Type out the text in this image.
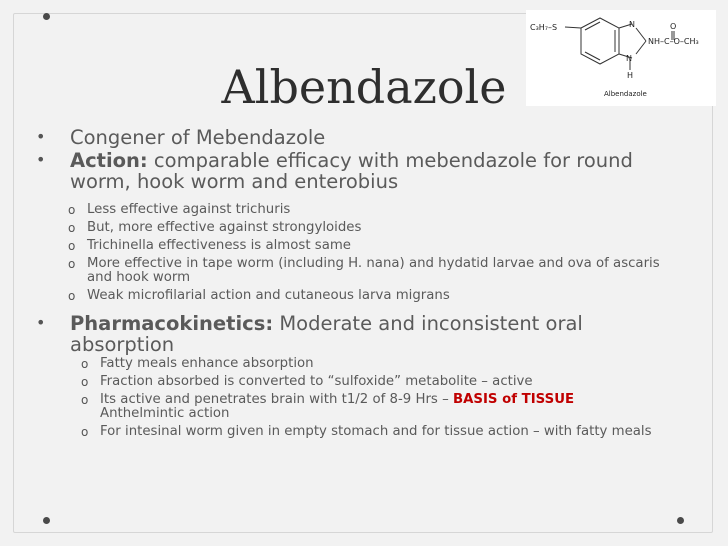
Albendazole
C₃H₇–S	N
N
H
O
NH–C–O–CH₃
Albendazole
• Congener of Mebendazole
• Action: comparable efficacy with mebendazole for round worm, hook worm and enterobius
o Less effective against trichuris
o But, more effective against strongyloides
o Trichinella effectiveness is almost same
o More effective in tape worm (including H. nana) and hydatid larvae and ova of ascaris and hook worm
o Weak microfilarial action and cutaneous larva migrans
• Pharmacokinetics: Moderate and inconsistent oral absorption
o Fatty meals enhance absorption
o Fraction absorbed is converted to “sulfoxide” metabolite – active
o Its active and penetrates brain with t1/2 of 8-9 Hrs – BASIS of TISSUE Anthelmintic action
o For intesinal worm given in empty stomach and for tissue action – with fatty meals
